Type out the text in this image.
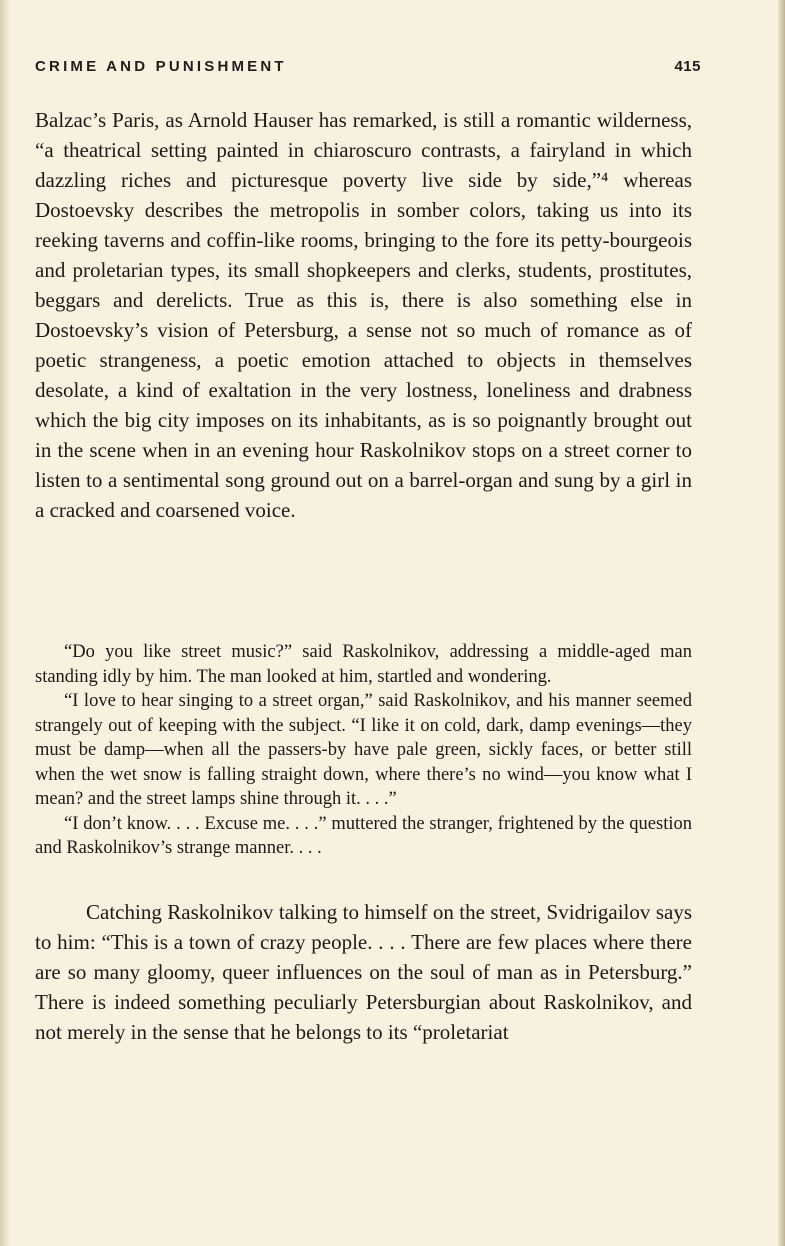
CRIME AND PUNISHMENT	415

Balzac’s Paris, as Arnold Hauser has remarked, is still a romantic wilderness, “a theatrical setting painted in chiaroscuro contrasts, a fairyland in which dazzling riches and picturesque poverty live side by side,”⁴ whereas Dostoevsky describes the metropolis in somber colors, taking us into its reeking taverns and coffin-like rooms, bringing to the fore its petty-bourgeois and proletarian types, its small shopkeepers and clerks, students, prostitutes, beggars and derelicts. True as this is, there is also something else in Dostoevsky’s vision of Petersburg, a sense not so much of romance as of poetic strangeness, a poetic emotion attached to objects in themselves desolate, a kind of exaltation in the very lostness, loneliness and drabness which the big city imposes on its inhabitants, as is so poignantly brought out in the scene when in an evening hour Raskolnikov stops on a street corner to listen to a sentimental song ground out on a barrel-organ and sung by a girl in a cracked and coarsened voice.

“Do you like street music?” said Raskolnikov, addressing a middle-aged man standing idly by him. The man looked at him, startled and wondering.

“I love to hear singing to a street organ,” said Raskolnikov, and his manner seemed strangely out of keeping with the subject. “I like it on cold, dark, damp evenings—they must be damp—when all the passers-by have pale green, sickly faces, or better still when the wet snow is falling straight down, where there’s no wind—you know what I mean? and the street lamps shine through it. . . .”

“I don’t know. . . . Excuse me. . . .” muttered the stranger, frightened by the question and Raskolnikov’s strange manner. . . .

Catching Raskolnikov talking to himself on the street, Svidrigailov says to him: “This is a town of crazy people. . . . There are few places where there are so many gloomy, queer influences on the soul of man as in Petersburg.” There is indeed something peculiarly Petersburgian about Raskolnikov, and not merely in the sense that he belongs to its “proletariat
